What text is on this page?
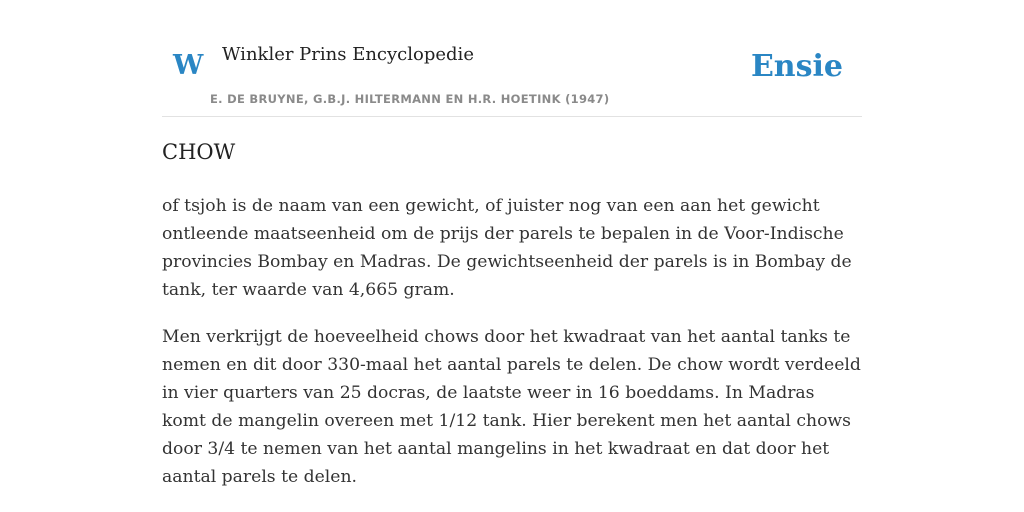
W Winkler Prins Encyclopedie	Ensie
E. DE BRUYNE, G.B.J. HILTERMANN EN H.R. HOETINK (1947)
CHOW

of tsjoh is de naam van een gewicht, of juister nog van een aan het gewicht ontleende maatseenheid om de prijs der parels te bepalen in de Voor-Indische provincies Bombay en Madras. De gewichtseenheid der parels is in Bombay de tank, ter waarde van 4,665 gram.

Men verkrijgt de hoeveelheid chows door het kwadraat van het aantal tanks te nemen en dit door 330-maal het aantal parels te delen. De chow wordt verdeeld in vier quarters van 25 docras, de laatste weer in 16 boeddams. In Madras komt de mangelin overeen met 1/12 tank. Hier berekent men het aantal chows door 3/4 te nemen van het aantal mangelins in het kwadraat en dat door het aantal parels te delen.
